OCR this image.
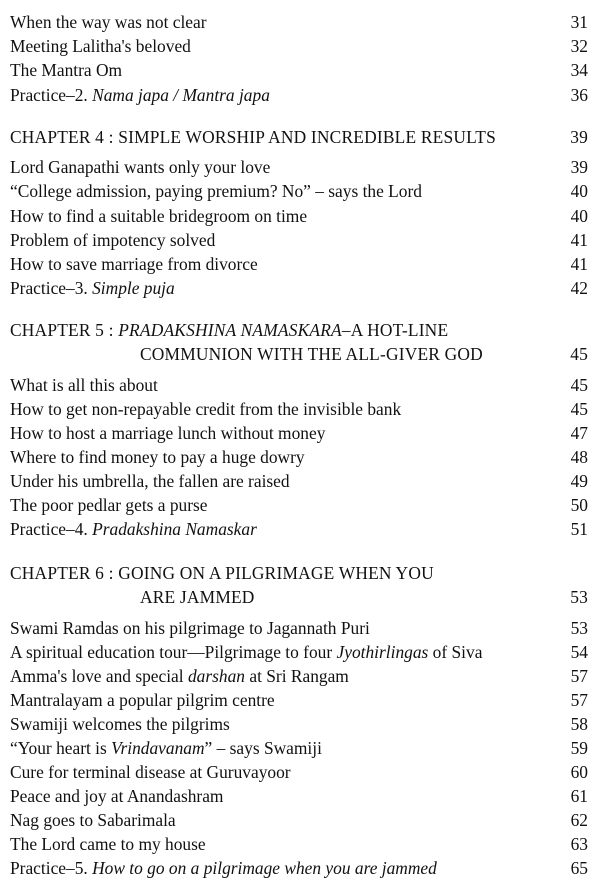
When the way was not clear	31
Meeting Lalitha's beloved	32
The Mantra Om	34
Practice–2. Nama japa / Mantra japa	36
CHAPTER 4 : SIMPLE WORSHIP AND INCREDIBLE RESULTS	39
Lord Ganapathi wants only your love	39
“College admission, paying premium? No” – says the Lord	40
How to find a suitable bridegroom on time	40
Problem of impotency solved	41
How to save marriage from divorce	41
Practice–3. Simple puja	42
CHAPTER 5 : PRADAKSHINA NAMASKARA–A HOT-LINE
COMMUNION WITH THE ALL-GIVER GOD	45
What is all this about	45
How to get non-repayable credit from the invisible bank	45
How to host a marriage lunch without money	47
Where to find money to pay a huge dowry	48
Under his umbrella, the fallen are raised	49
The poor pedlar gets a purse	50
Practice–4. Pradakshina Namaskar	51
CHAPTER 6 : GOING ON A PILGRIMAGE WHEN YOU
ARE JAMMED	53
Swami Ramdas on his pilgrimage to Jagannath Puri	53
A spiritual education tour—Pilgrimage to four Jyothirlingas of Siva	54
Amma's love and special darshan at Sri Rangam	57
Mantralayam a popular pilgrim centre	57
Swamiji welcomes the pilgrims	58
“Your heart is Vrindavanam” – says Swamiji	59
Cure for terminal disease at Guruvayoor	60
Peace and joy at Anandashram	61
Nag goes to Sabarimala	62
The Lord came to my house	63
Practice–5. How to go on a pilgrimage when you are jammed	65
